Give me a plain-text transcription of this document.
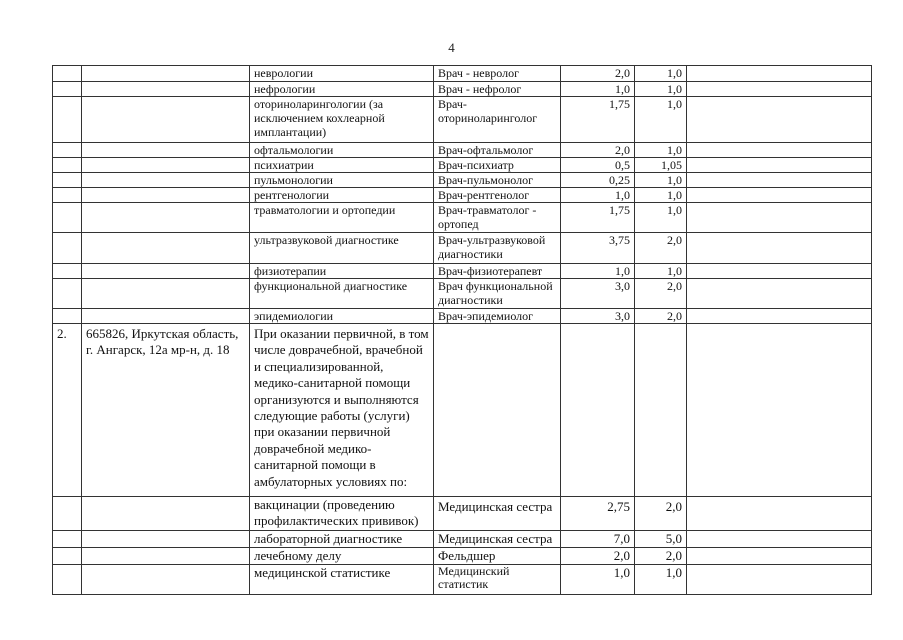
4
		неврологии	Врач - невролог	2,0	1,0	
		нефрологии	Врач - нефролог	1,0	1,0	
		оториноларингологии (за исключением кохлеарной имплантации)	Врач-оториноларинголог	1,75	1,0	
		офтальмологии	Врач-офтальмолог	2,0	1,0	
		психиатрии	Врач-психиатр	0,5	1,05	
		пульмонологии	Врач-пульмонолог	0,25	1,0	
		рентгенологии	Врач-рентгенолог	1,0	1,0	
		травматологии и ортопедии	Врач-травматолог - ортопед	1,75	1,0	
		ультразвуковой диагностике	Врач-ультразвуковой диагностики	3,75	2,0	
		физиотерапии	Врач-физиотерапевт	1,0	1,0	
		функциональной диагностике	Врач функциональной диагностики	3,0	2,0	
		эпидемиологии	Врач-эпидемиолог	3,0	2,0	
2.	665826, Иркутская область, г. Ангарск, 12а мр-н, д. 18	При оказании первичной, в том числе доврачебной, врачебной и специализированной, медико-санитарной помощи организуются и выполняются следующие работы (услуги) при оказании первичной доврачебной медико-санитарной помощи в амбулаторных условиях по:				
		вакцинации (проведению профилактических прививок)	Медицинская сестра	2,75	2,0	
		лабораторной диагностике	Медицинская сестра	7,0	5,0	
		лечебному делу	Фельдшер	2,0	2,0	
		медицинской статистике	Медицинский статистик	1,0	1,0	
